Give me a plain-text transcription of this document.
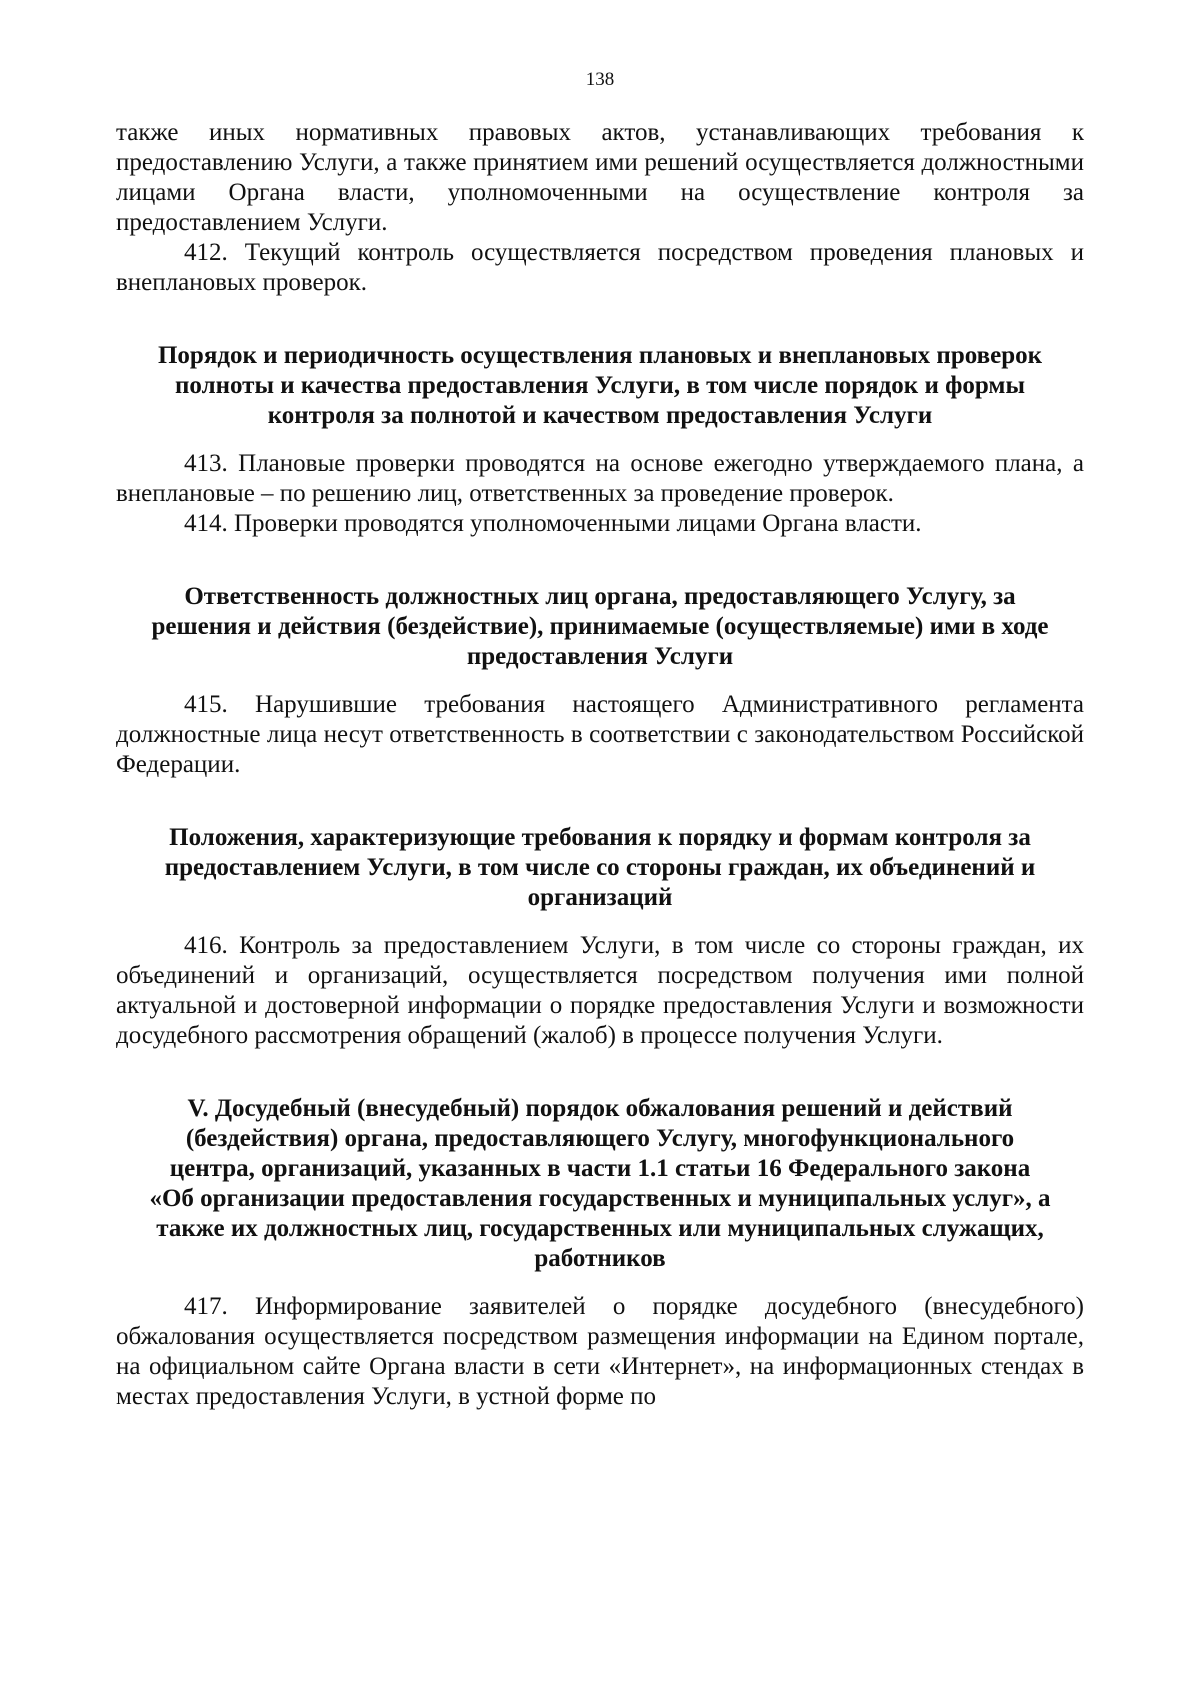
138

также иных нормативных правовых актов, устанавливающих требования к предоставлению Услуги, а также принятием ими решений осуществляется должностными лицами Органа власти, уполномоченными на осуществление контроля за предоставлением Услуги.

412. Текущий контроль осуществляется посредством проведения плановых и внеплановых проверок.

Порядок и периодичность осуществления плановых и внеплановых проверок
полноты и качества предоставления Услуги, в том числе порядок и формы
контроля за полнотой и качеством предоставления Услуги

413. Плановые проверки проводятся на основе ежегодно утверждаемого плана, а внеплановые – по решению лиц, ответственных за проведение проверок.

414. Проверки проводятся уполномоченными лицами Органа власти.

Ответственность должностных лиц органа, предоставляющего Услугу, за
решения и действия (бездействие), принимаемые (осуществляемые) ими в ходе
предоставления Услуги

415. Нарушившие требования настоящего Административного регламента должностные лица несут ответственность в соответствии с законодательством Российской Федерации.

Положения, характеризующие требования к порядку и формам контроля за
предоставлением Услуги, в том числе со стороны граждан, их объединений и
организаций

416. Контроль за предоставлением Услуги, в том числе со стороны граждан, их объединений и организаций, осуществляется посредством получения ими полной актуальной и достоверной информации о порядке предоставления Услуги и возможности досудебного рассмотрения обращений (жалоб) в процессе получения Услуги.

V. Досудебный (внесудебный) порядок обжалования решений и действий
(бездействия) органа, предоставляющего Услугу, многофункционального
центра, организаций, указанных в части 1.1 статьи 16 Федерального закона
«Об организации предоставления государственных и муниципальных услуг», а
также их должностных лиц, государственных или муниципальных служащих,
работников

417. Информирование заявителей о порядке досудебного (внесудебного) обжалования осуществляется посредством размещения информации на Едином портале, на официальном сайте Органа власти в сети «Интернет», на информационных стендах в местах предоставления Услуги, в устной форме по
